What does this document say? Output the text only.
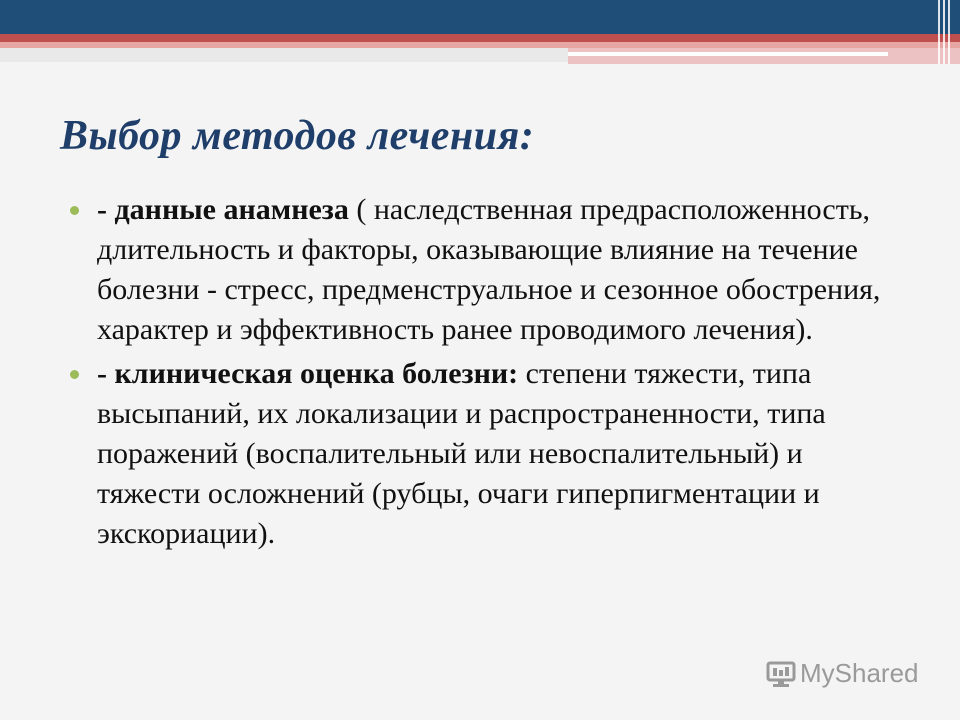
Выбор методов лечения:
- данные анамнеза ( наследственная предрасположенность, длительность и факторы, оказывающие влияние на течение болезни - стресс, предменструальное и сезонное обострения, характер и эффективность ранее проводимого лечения).
- клиническая оценка болезни: степени тяжести, типа высыпаний, их локализации и распространенности, типа поражений (воспалительный или невоспалительный) и тяжести осложнений (рубцы, очаги гиперпигментации и экскориации).
MyShared
